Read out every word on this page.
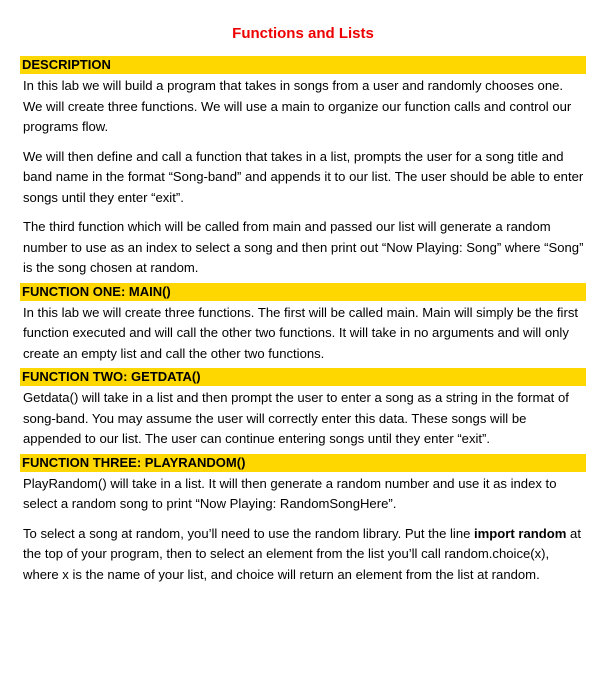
Functions and Lists
DESCRIPTION
In this lab we will build a program that takes in songs from a user and randomly chooses one. We will create three functions. We will use a main to organize our function calls and control our programs flow.
We will then define and call a function that takes in a list, prompts the user for a song title and band name in the format “Song-band” and appends it to our list. The user should be able to enter songs until they enter “exit”.
The third function which will be called from main and passed our list will generate a random number to use as an index to select a song and then print out “Now Playing: Song” where “Song” is the song chosen at random.
FUNCTION ONE: MAIN()
In this lab we will create three functions. The first will be called main. Main will simply be the first function executed and will call the other two functions. It will take in no arguments and will only create an empty list and call the other two functions.
FUNCTION TWO: GETDATA()
Getdata() will take in a list and then prompt the user to enter a song as a string in the format of song-band. You may assume the user will correctly enter this data. These songs will be appended to our list. The user can continue entering songs until they enter “exit”.
FUNCTION THREE: PLAYRANDOM()
PlayRandom() will take in a list. It will then generate a random number and use it as index to select a random song to print “Now Playing: RandomSongHere”.
To select a song at random, you’ll need to use the random library. Put the line import random at the top of your program, then to select an element from the list you’ll call random.choice(x), where x is the name of your list, and choice will return an element from the list at random.
